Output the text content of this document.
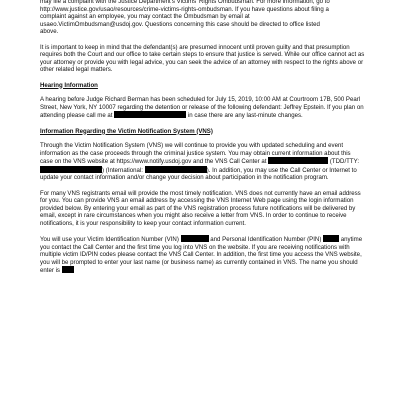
may file a complaint with the Justice Department's Victims' Rights Ombudsman. For more information, go to
http://www.justice.gov/usao/resources/crime-victims-rights-ombudsman. If you have questions about filing a
complaint against an employee, you may contact the Ombudsman by email at
usaeo.VictimOmbudsman@usdoj.gov. Questions concerning this case should be directed to office listed
above.

It is important to keep in mind that the defendant(s) are presumed innocent until proven guilty and that presumption requires both the Court and our office to take certain steps to ensure that justice is served. While our office cannot act as your attorney or provide you with legal advice, you can seek the advice of an attorney with respect to the rights above or other related legal matters.

Hearing Information

A hearing before Judge Richard Berman has been scheduled for July 15, 2019, 10:00 AM at Courtroom 17B, 500 Pearl Street, New York, NY 10007 regarding the detention or release of the following defendant: Jeffrey Epstein. If you plan on attending please call me at	in case there are any last-minute changes.

Information Regarding the Victim Notification System (VNS)

Through the Victim Notification System (VNS) we will continue to provide you with updated scheduling and event information as the case proceeds through the criminal justice system. You may obtain current information about this case on the VNS website at https://www.notify.usdoj.gov and the VNS Call Center at	(TDD/TTY: ) (International:	). In addition, you may use the Call Center or Internet to update your contact information and/or change your decision about participation in the notification program.

For many VNS registrants email will provide the most timely notification. VNS does not currently have an email address for you. You can provide VNS an email address by accessing the VNS Internet Web page using the login information provided below. By entering your email as part of the VNS registration process future notifications will be delivered by email, except in rare circumstances when you might also receive a letter from VNS. In order to continue to receive notifications, it is your responsibility to keep your contact information current.

You will use your Victim Identification Number (VIN)	and Personal Identification Number (PIN)	anytime you contact the Call Center and the first time you log into VNS on the website. If you are receiving notifications with multiple victim ID/PIN codes please contact the VNS Call Center. In addition, the first time you access the VNS website, you will be prompted to enter your last name (or business name) as currently contained in VNS. The name you should enter is
